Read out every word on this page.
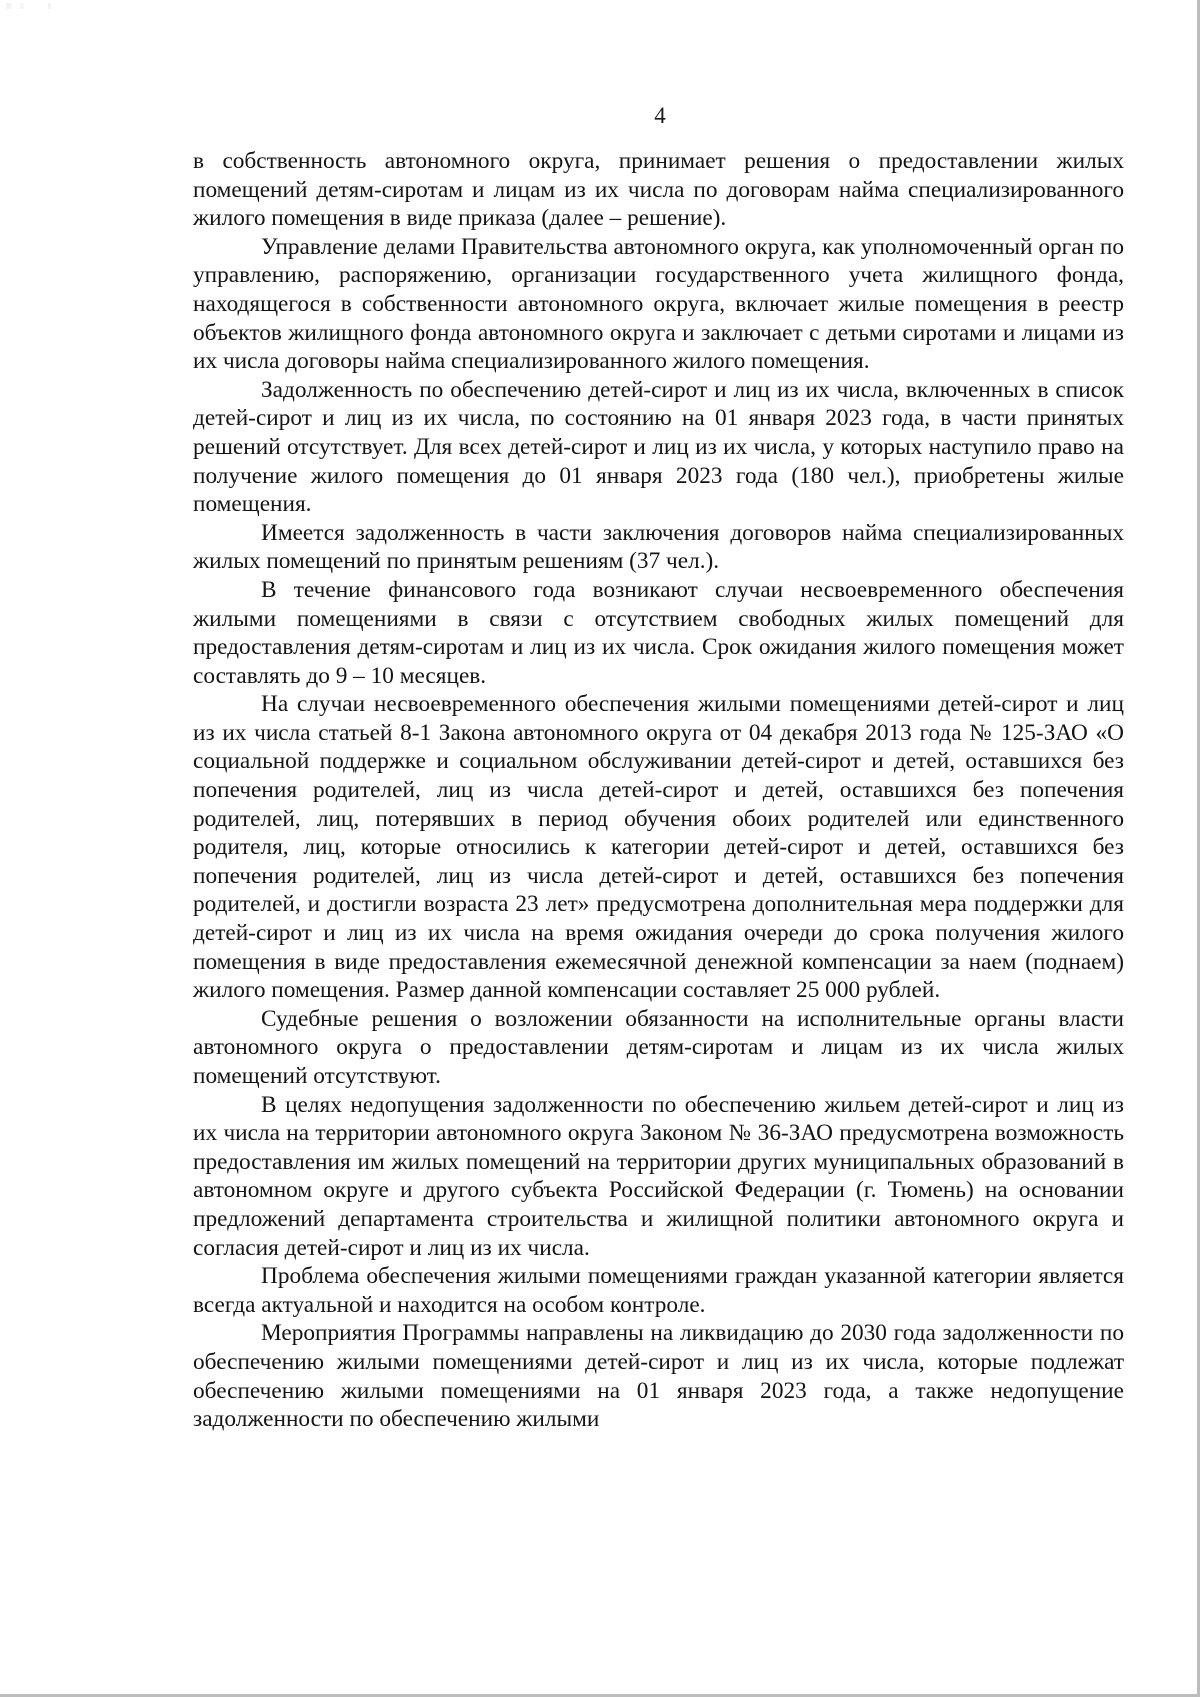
4

в собственность автономного округа, принимает решения о предоставлении жилых помещений детям-сиротам и лицам из их числа по договорам найма специализированного жилого помещения в виде приказа (далее – решение).

Управление делами Правительства автономного округа, как уполномоченный орган по управлению, распоряжению, организации государственного учета жилищного фонда, находящегося в собственности автономного округа, включает жилые помещения в реестр объектов жилищного фонда автономного округа и заключает с детьми сиротами и лицами из их числа договоры найма специализированного жилого помещения.

Задолженность по обеспечению детей-сирот и лиц из их числа, включенных в список детей-сирот и лиц из их числа, по состоянию на 01 января 2023 года, в части принятых решений отсутствует. Для всех детей-сирот и лиц из их числа, у которых наступило право на получение жилого помещения до 01 января 2023 года (180 чел.), приобретены жилые помещения.

Имеется задолженность в части заключения договоров найма специализированных жилых помещений по принятым решениям (37 чел.).

В течение финансового года возникают случаи несвоевременного обеспечения жилыми помещениями в связи с отсутствием свободных жилых помещений для предоставления детям-сиротам и лиц из их числа. Срок ожидания жилого помещения может составлять до 9 – 10 месяцев.

На случаи несвоевременного обеспечения жилыми помещениями детей-сирот и лиц из их числа статьей 8-1 Закона автономного округа от 04 декабря 2013 года № 125-ЗАО «О социальной поддержке и социальном обслуживании детей-сирот и детей, оставшихся без попечения родителей, лиц из числа детей-сирот и детей, оставшихся без попечения родителей, лиц, потерявших в период обучения обоих родителей или единственного родителя, лиц, которые относились к категории детей-сирот и детей, оставшихся без попечения родителей, лиц из числа детей-сирот и детей, оставшихся без попечения родителей, и достигли возраста 23 лет» предусмотрена дополнительная мера поддержки для детей-сирот и лиц из их числа на время ожидания очереди до срока получения жилого помещения в виде предоставления ежемесячной денежной компенсации за наем (поднаем) жилого помещения. Размер данной компенсации составляет 25 000 рублей.

Судебные решения о возложении обязанности на исполнительные органы власти автономного округа о предоставлении детям-сиротам и лицам из их числа жилых помещений отсутствуют.

В целях недопущения задолженности по обеспечению жильем детей-сирот и лиц из их числа на территории автономного округа Законом № 36-ЗАО предусмотрена возможность предоставления им жилых помещений на территории других муниципальных образований в автономном округе и другого субъекта Российской Федерации (г. Тюмень) на основании предложений департамента строительства и жилищной политики автономного округа и согласия детей-сирот и лиц из их числа.

Проблема обеспечения жилыми помещениями граждан указанной категории является всегда актуальной и находится на особом контроле.

Мероприятия Программы направлены на ликвидацию до 2030 года задолженности по обеспечению жилыми помещениями детей-сирот и лиц из их числа, которые подлежат обеспечению жилыми помещениями на 01 января 2023 года, а также недопущение задолженности по обеспечению жилыми
